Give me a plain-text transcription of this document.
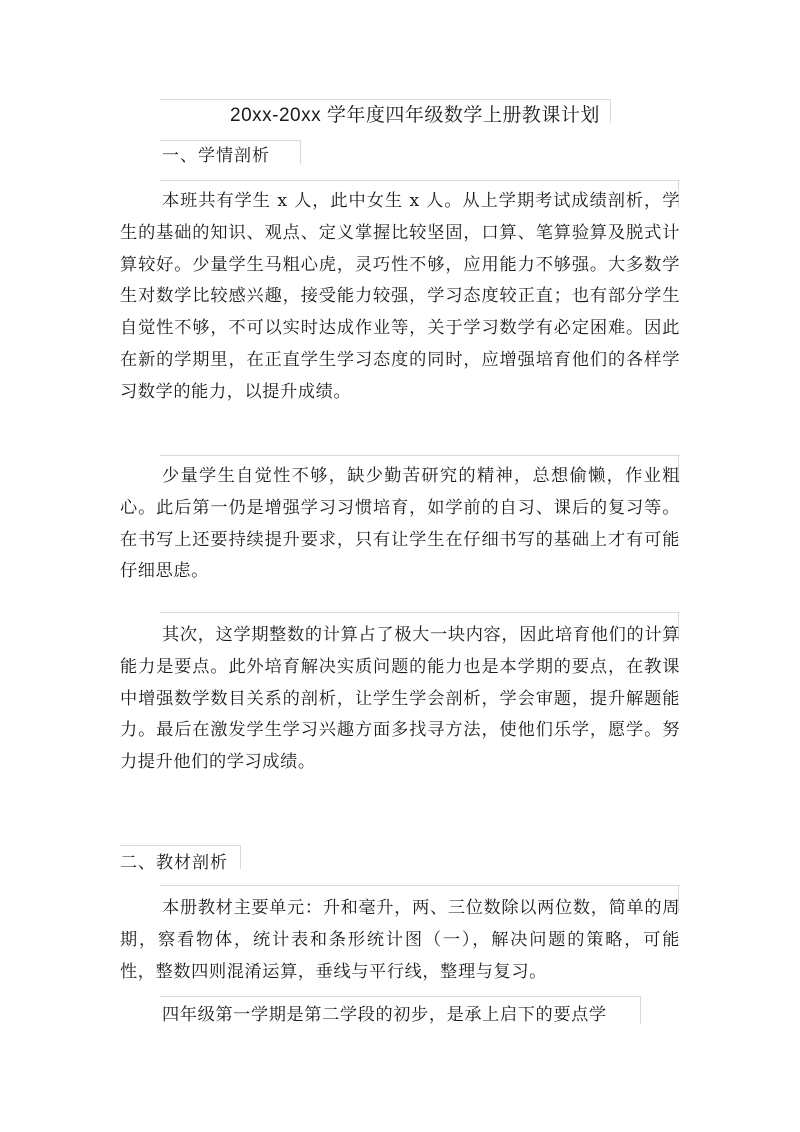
20xx-20xx 学年度四年级数学上册教课计划
一、学情剖析

本班共有学生 x 人，此中女生 x 人。从上学期考试成绩剖析，学生的基础的知识、观点、定义掌握比较坚固，口算、笔算验算及脱式计算较好。少量学生马粗心虎，灵巧性不够，应用能力不够强。大多数学生对数学比较感兴趣，接受能力较强，学习态度较正直；也有部分学生自觉性不够，不可以实时达成作业等，关于学习数学有必定困难。因此在新的学期里，在正直学生学习态度的同时，应增强培育他们的各样学习数学的能力，以提升成绩。

少量学生自觉性不够，缺少勤苦研究的精神，总想偷懒，作业粗心。此后第一仍是增强学习习惯培育，如学前的自习、课后的复习等。在书写上还要持续提升要求，只有让学生在仔细书写的基础上才有可能仔细思虑。

其次，这学期整数的计算占了极大一块内容，因此培育他们的计算能力是要点。此外培育解决实质问题的能力也是本学期的要点，在教课中增强数学数目关系的剖析，让学生学会剖析，学会审题，提升解题能力。最后在激发学生学习兴趣方面多找寻方法，使他们乐学，愿学。努力提升他们的学习成绩。

二、教材剖析

本册教材主要单元：升和毫升，两、三位数除以两位数，简单的周期，察看物体，统计表和条形统计图（一），解决问题的策略，可能性，整数四则混淆运算，垂线与平行线，整理与复习。

四年级第一学期是第二学段的初步，是承上启下的要点学
